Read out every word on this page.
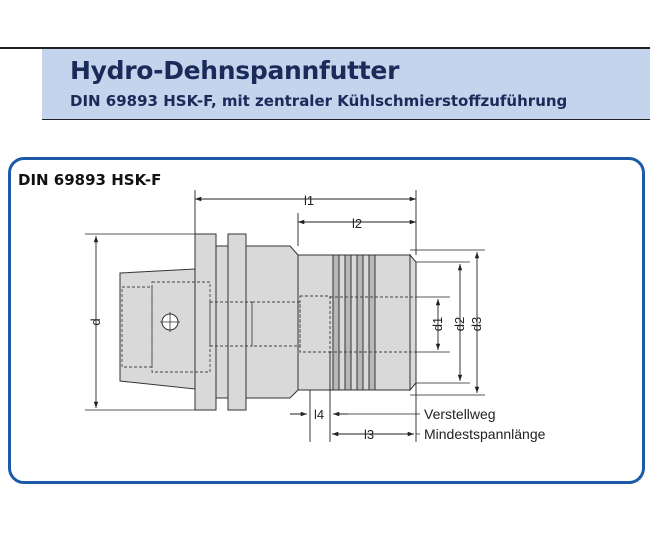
Hydro-Dehnspannfutter
DIN 69893 HSK-F, mit zentraler Kühlschmierstoffzuführung
DIN 69893 HSK-F
l1
l2
l4
l3
d	d1 d2 d3
Verstellweg
Mindestspannlänge
